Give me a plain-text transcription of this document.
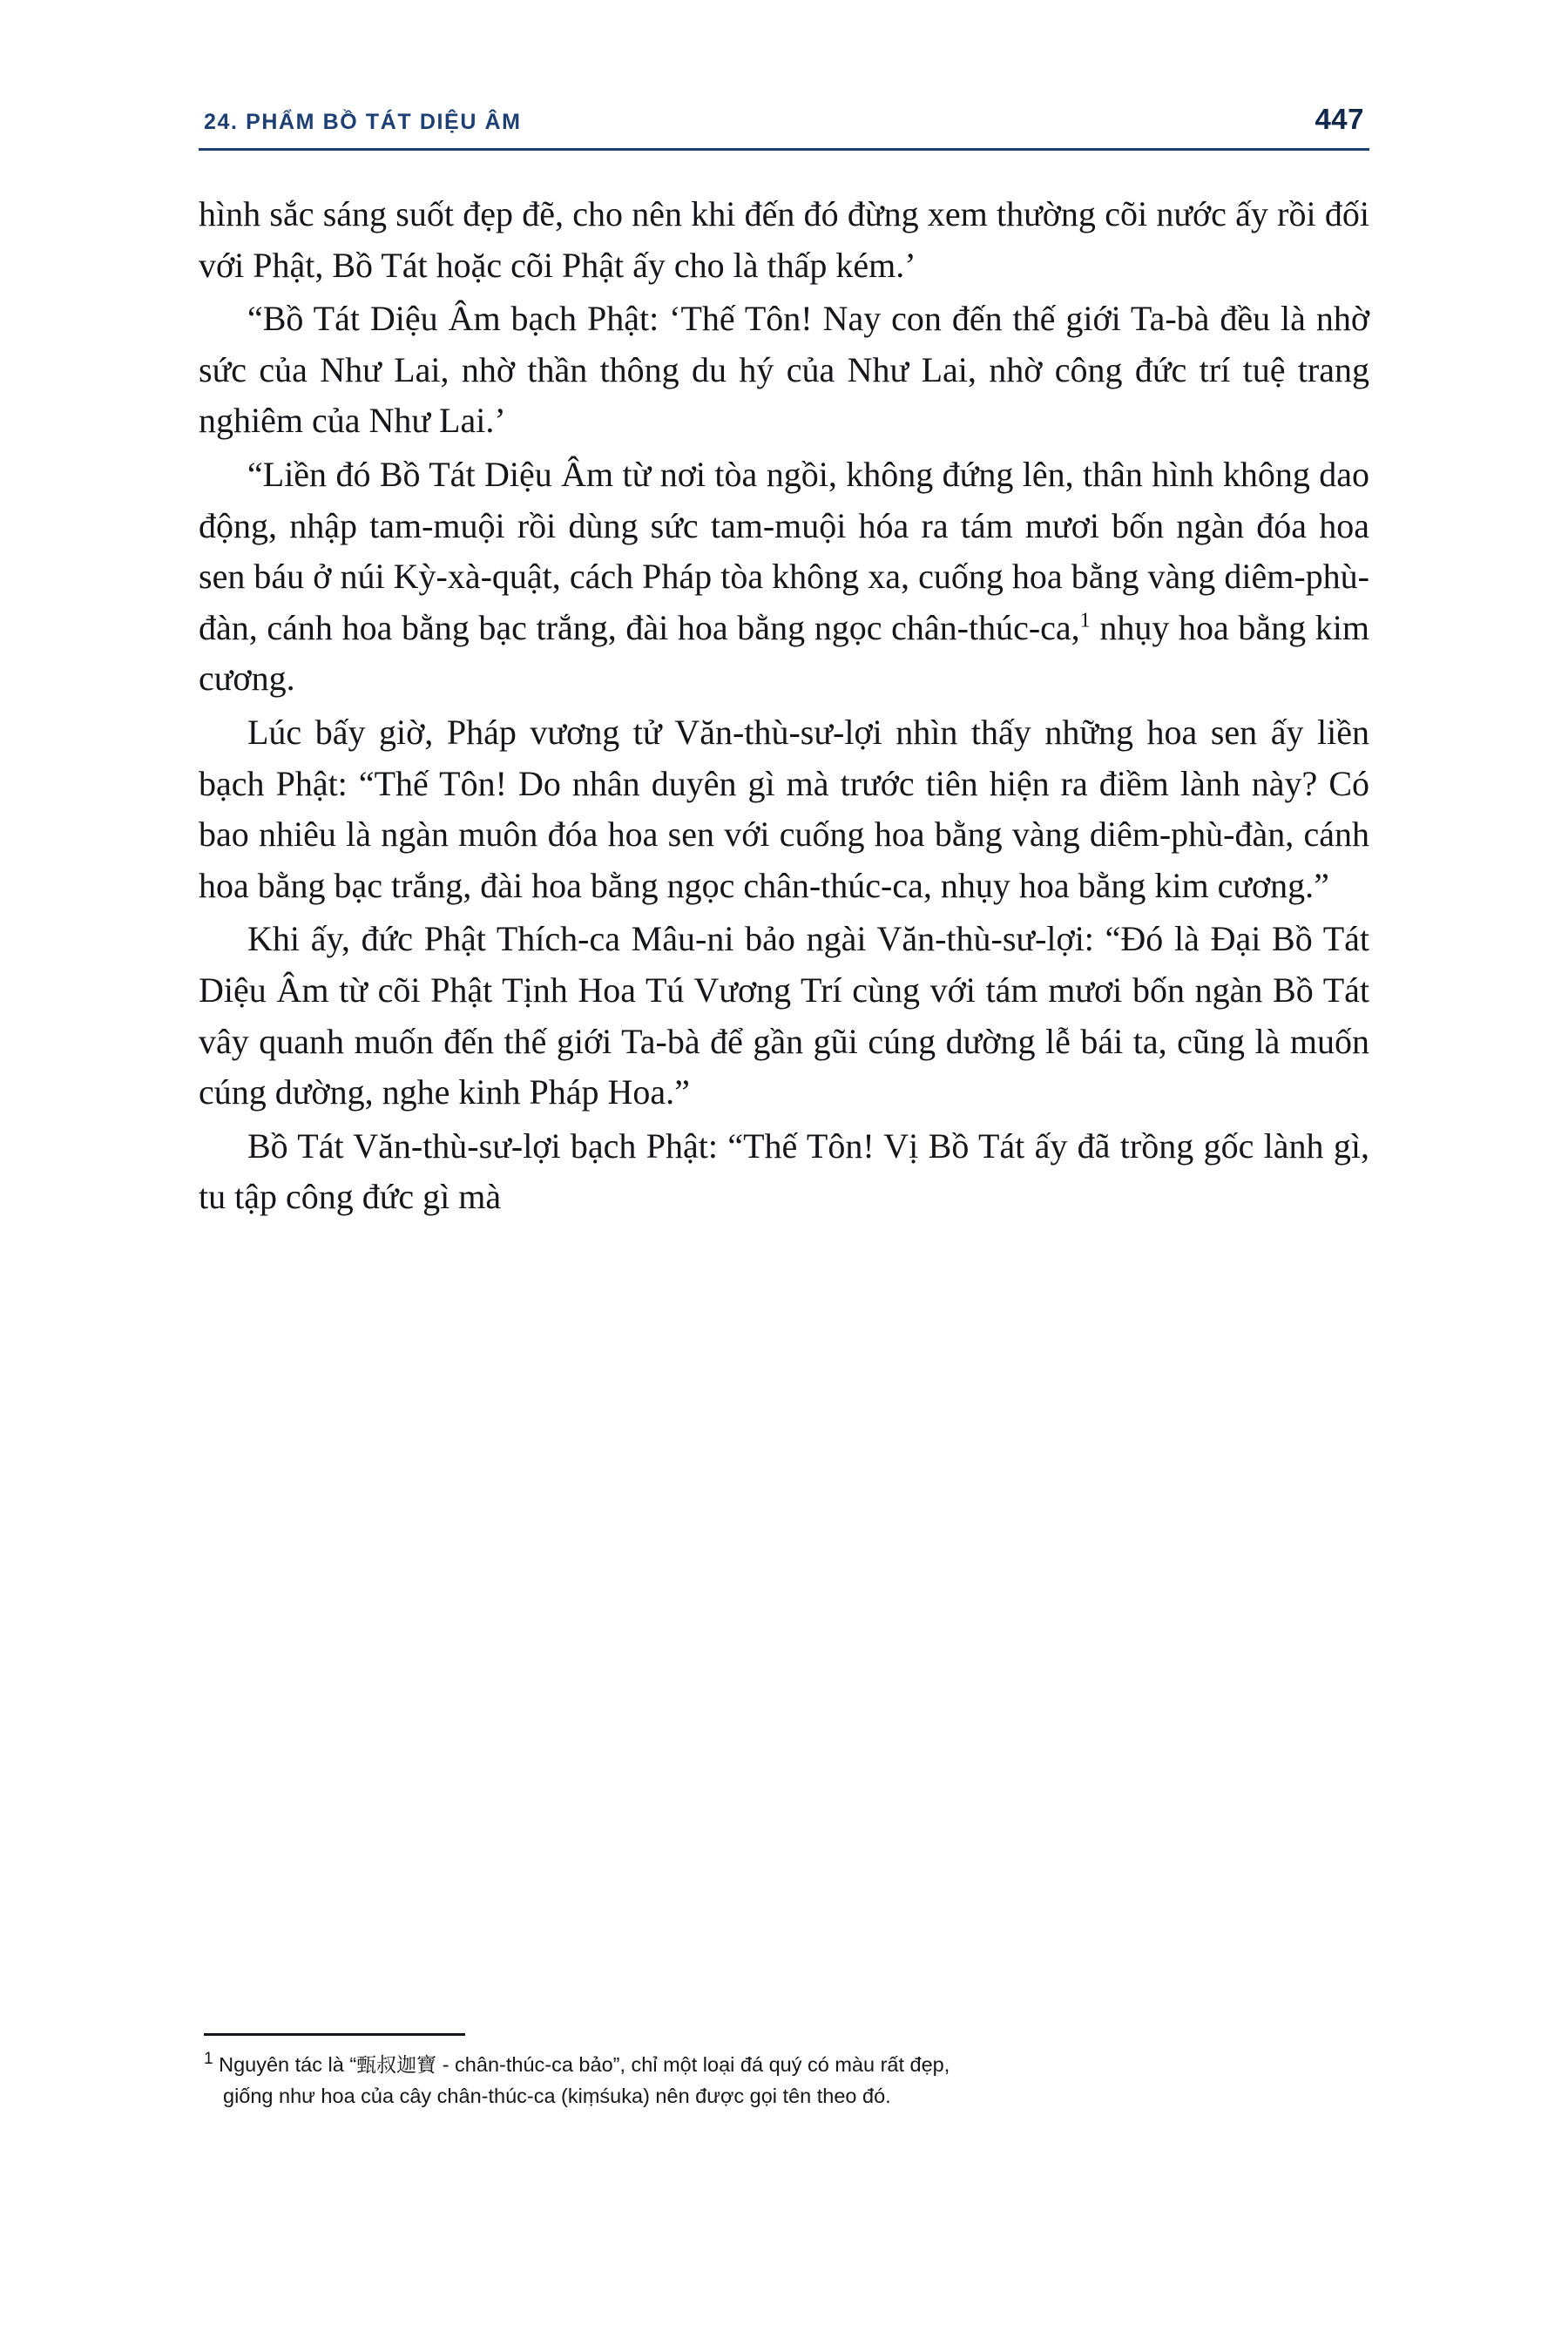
24. PHẨM BỒ TÁT DIỆU ÂM	447

hình sắc sáng suốt đẹp đẽ, cho nên khi đến đó đừng xem thường cõi nước ấy rồi đối với Phật, Bồ Tát hoặc cõi Phật ấy cho là thấp kém.’

“Bồ Tát Diệu Âm bạch Phật: ‘Thế Tôn! Nay con đến thế giới Ta-bà đều là nhờ sức của Như Lai, nhờ thần thông du hý của Như Lai, nhờ công đức trí tuệ trang nghiêm của Như Lai.’

“Liền đó Bồ Tát Diệu Âm từ nơi tòa ngồi, không đứng lên, thân hình không dao động, nhập tam-muội rồi dùng sức tam-muội hóa ra tám mươi bốn ngàn đóa hoa sen báu ở núi Kỳ-xà-quật, cách Pháp tòa không xa, cuống hoa bằng vàng diêm-phù-đàn, cánh hoa bằng bạc trắng, đài hoa bằng ngọc chân-thúc-ca,$^1$ nhụy hoa bằng kim cương.

Lúc bấy giờ, Pháp vương tử Văn-thù-sư-lợi nhìn thấy những hoa sen ấy liền bạch Phật: “Thế Tôn! Do nhân duyên gì mà trước tiên hiện ra điềm lành này? Có bao nhiêu là ngàn muôn đóa hoa sen với cuống hoa bằng vàng diêm-phù-đàn, cánh hoa bằng bạc trắng, đài hoa bằng ngọc chân-thúc-ca, nhụy hoa bằng kim cương.”

Khi ấy, đức Phật Thích-ca Mâu-ni bảo ngài Văn-thù-sư-lợi: “Đó là Đại Bồ Tát Diệu Âm từ cõi Phật Tịnh Hoa Tú Vương Trí cùng với tám mươi bốn ngàn Bồ Tát vây quanh muốn đến thế giới Ta-bà để gần gũi cúng dường lễ bái ta, cũng là muốn cúng dường, nghe kinh Pháp Hoa.”

Bồ Tát Văn-thù-sư-lợi bạch Phật: “Thế Tôn! Vị Bồ Tát ấy đã trồng gốc lành gì, tu tập công đức gì mà

$^1$ Nguyên tác là “甄叔迦寶 - chân-thúc-ca bảo”, chỉ một loại đá quý có màu rất đẹp,
giống như hoa của cây chân-thúc-ca (kiṃśuka) nên được gọi tên theo đó.
